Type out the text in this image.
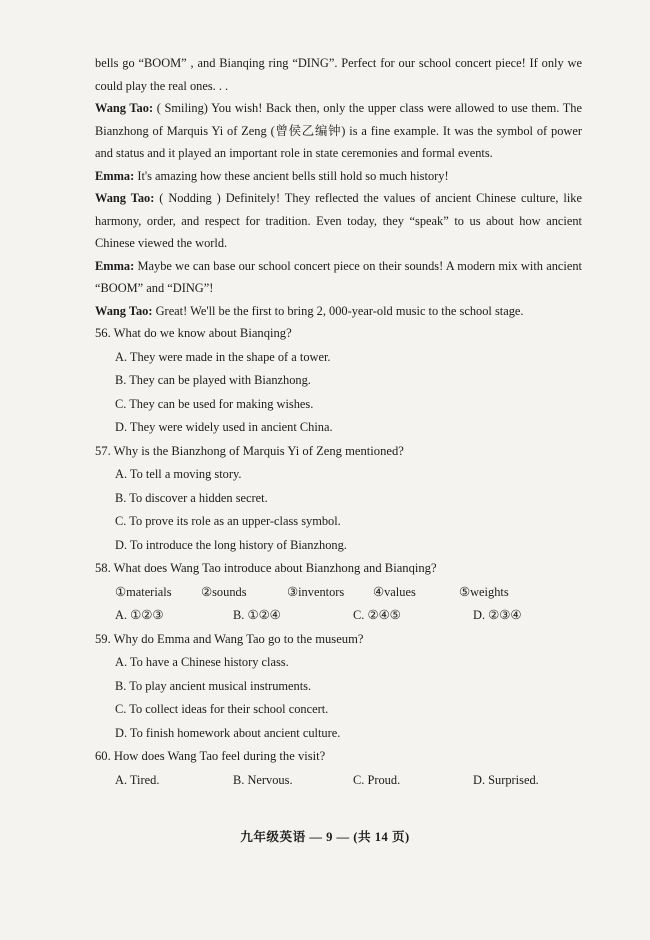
bells go “BOOM” , and Bianqing ring “DING”. Perfect for our school concert piece! If only we could play the real ones. . .

Wang Tao: ( Smiling) You wish! Back then, only the upper class were allowed to use them. The Bianzhong of Marquis Yi of Zeng (曾侯乙编钟) is a fine example. It was the symbol of power and status and it played an important role in state ceremonies and formal events.

Emma: It's amazing how these ancient bells still hold so much history!

Wang Tao: ( Nodding ) Definitely! They reflected the values of ancient Chinese culture, like harmony, order, and respect for tradition. Even today, they “speak” to us about how ancient Chinese viewed the world.

Emma: Maybe we can base our school concert piece on their sounds! A modern mix with ancient “BOOM” and “DING”!

Wang Tao: Great! We'll be the first to bring 2, 000-year-old music to the school stage.

56. What do we know about Bianqing?

A. They were made in the shape of a tower.

B. They can be played with Bianzhong.

C. They can be used for making wishes.

D. They were widely used in ancient China.

57. Why is the Bianzhong of Marquis Yi of Zeng mentioned?

A. To tell a moving story.

B. To discover a hidden secret.

C. To prove its role as an upper-class symbol.

D. To introduce the long history of Bianzhong.

58. What does Wang Tao introduce about Bianzhong and Bianqing?

①materials	②sounds	③inventors	④values	⑤weights
A. ①②③	B. ①②④	C. ②④⑤	D. ②③④

59. Why do Emma and Wang Tao go to the museum?

A. To have a Chinese history class.

B. To play ancient musical instruments.

C. To collect ideas for their school concert.

D. To finish homework about ancient culture.

60. How does Wang Tao feel during the visit?

A. Tired.	B. Nervous.	C. Proud.	D. Surprised.
九年级英语 — 9 — (共 14 页)
